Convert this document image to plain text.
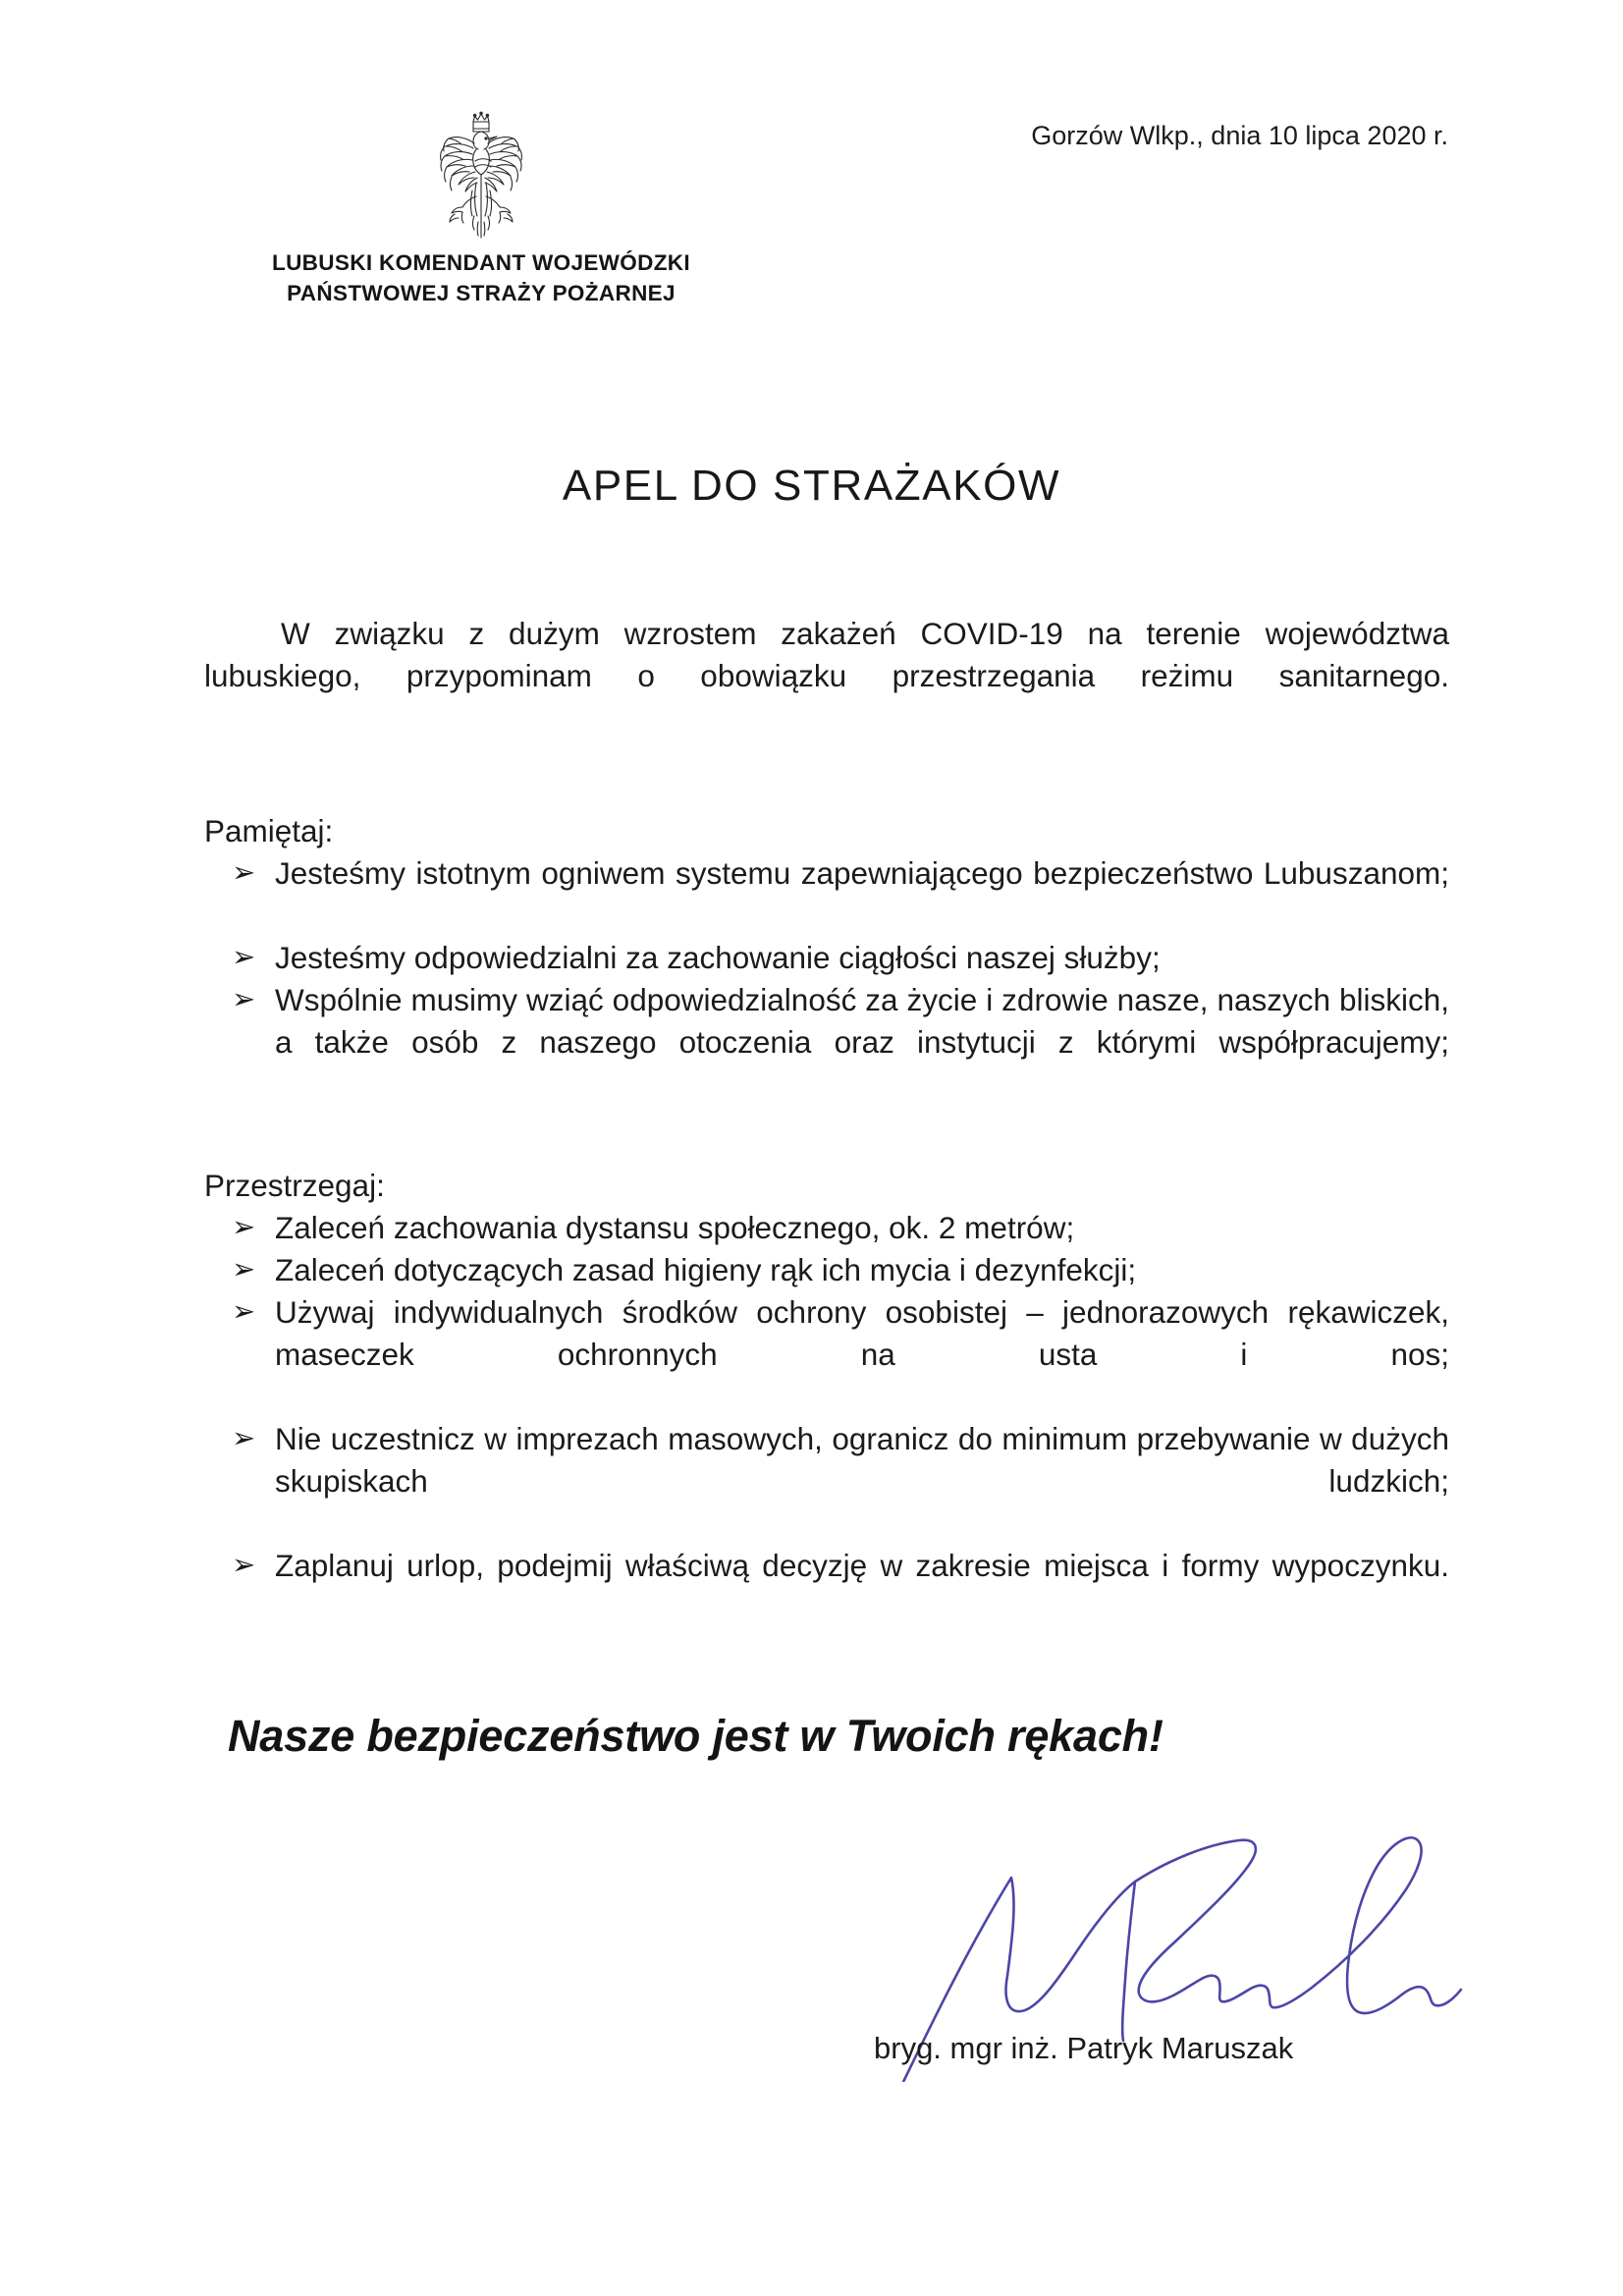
LUBUSKI KOMENDANT WOJEWÓDZKI
PAŃSTWOWEJ STRAŻY POŻARNEJ
Gorzów Wlkp., dnia 10 lipca 2020 r.
APEL DO STRAŻAKÓW

W związku z dużym wzrostem zakażeń COVID-19 na terenie województwa lubuskiego, przypominam o obowiązku przestrzegania reżimu sanitarnego.

Pamiętaj:
➢ Jesteśmy istotnym ogniwem systemu zapewniającego bezpieczeństwo Lubuszanom;
➢ Jesteśmy odpowiedzialni za zachowanie ciągłości naszej służby;
➢ Wspólnie musimy wziąć odpowiedzialność za życie i zdrowie nasze, naszych bliskich, a także osób z naszego otoczenia oraz instytucji z którymi współpracujemy;
Przestrzegaj:
➢ Zaleceń zachowania dystansu społecznego, ok. 2 metrów;
➢ Zaleceń dotyczących zasad higieny rąk ich mycia i dezynfekcji;
➢ Używaj indywidualnych środków ochrony osobistej – jednorazowych rękawiczek, maseczek ochronnych na usta i nos;
➢ Nie uczestnicz w imprezach masowych, ogranicz do minimum przebywanie w dużych skupiskach ludzkich;
➢ Zaplanuj urlop, podejmij właściwą decyzję w zakresie miejsca i formy wypoczynku.
Nasze bezpieczeństwo jest w Twoich rękach!
bryg. mgr inż. Patryk Maruszak
